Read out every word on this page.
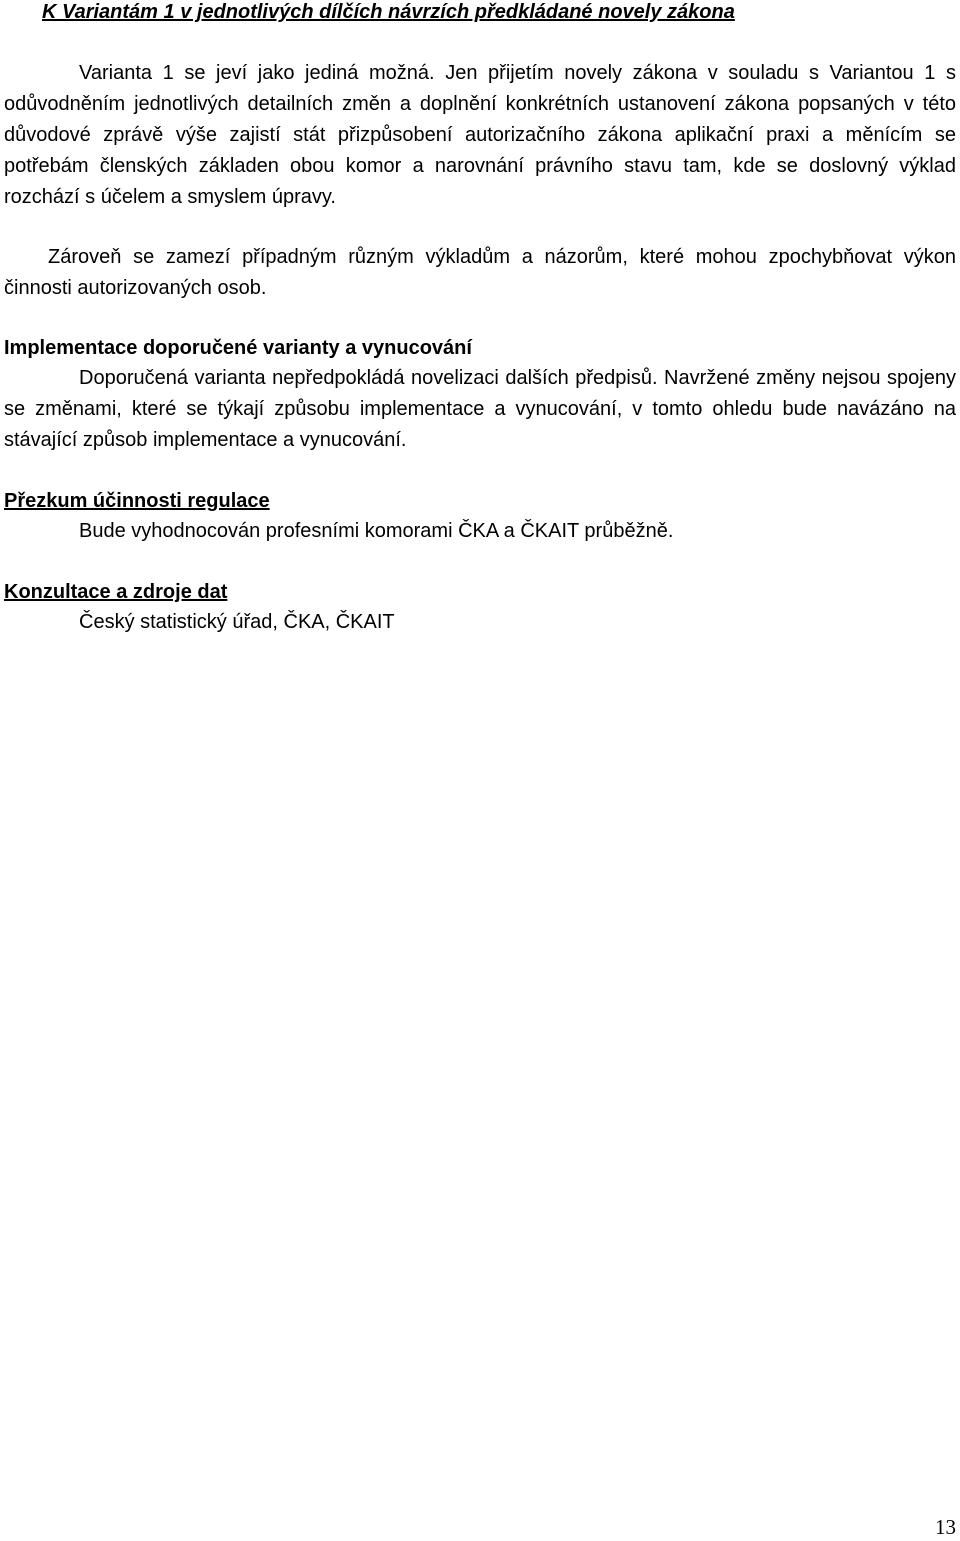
K Variantám 1 v jednotlivých dílčích návrzích předkládané novely zákona

Varianta 1 se jeví jako jediná možná. Jen přijetím novely zákona v souladu s Variantou 1 s odůvodněním jednotlivých detailních změn a doplnění konkrétních ustanovení zákona popsaných v této důvodové zprávě výše zajistí stát přizpůsobení autorizačního zákona aplikační praxi a měnícím se potřebám členských základen obou komor a narovnání právního stavu tam, kde se doslovný výklad rozchází s účelem a smyslem úpravy.

Zároveň se zamezí případným různým výkladům a názorům, které mohou zpochybňovat výkon činnosti autorizovaných osob.

Implementace doporučené varianty a vynucování

Doporučená varianta nepředpokládá novelizaci dalších předpisů. Navržené změny nejsou spojeny se změnami, které se týkají způsobu implementace a vynucování, v tomto ohledu bude navázáno na stávající způsob implementace a vynucování.

Přezkum účinnosti regulace
Bude vyhodnocován profesními komorami ČKA a ČKAIT průběžně.
Konzultace a zdroje dat
Český statistický úřad, ČKA, ČKAIT
13
